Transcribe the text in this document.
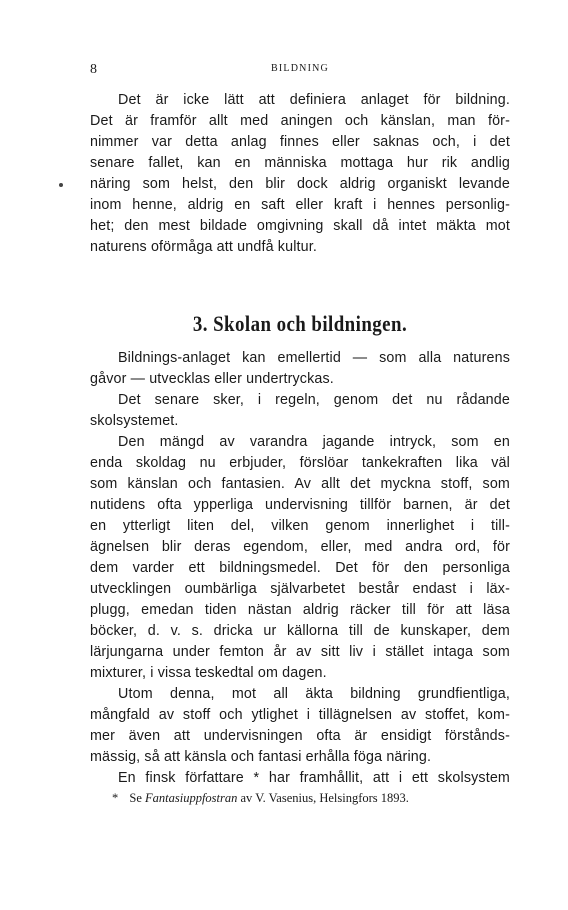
8	BILDNING
Det är icke lätt att definiera anlaget för bildning.
Det är framför allt med aningen och känslan, man för-
nimmer var detta anlag finnes eller saknas och, i det
senare fallet, kan en människa mottaga hur rik andlig
näring som helst, den blir dock aldrig organiskt levande
inom henne, aldrig en saft eller kraft i hennes personlig-
het; den mest bildade omgivning skall då intet mäkta mot
naturens oförmåga att undfå kultur.
3. Skolan och bildningen.
Bildnings-anlaget kan emellertid — som alla naturens
gåvor — utvecklas eller undertryckas.
Det senare sker, i regeln, genom det nu rådande
skolsystemet.
Den mängd av varandra jagande intryck, som en
enda skoldag nu erbjuder, förslöar tankekraften lika väl
som känslan och fantasien. Av allt det myckna stoff, som
nutidens ofta ypperliga undervisning tillför barnen, är det
en ytterligt liten del, vilken genom innerlighet i till-
ägnelsen blir deras egendom, eller, med andra ord, för
dem varder ett bildningsmedel. Det för den personliga
utvecklingen oumbärliga självarbetet består endast i läx-
plugg, emedan tiden nästan aldrig räcker till för att läsa
böcker, d. v. s. dricka ur källorna till de kunskaper, dem
lärjungarna under femton år av sitt liv i stället intaga som
mixturer, i vissa teskedtal om dagen.
Utom denna, mot all äkta bildning grundfientliga,
mångfald av stoff och ytlighet i tillägnelsen av stoffet, kom-
mer även att undervisningen ofta är ensidigt förstånds-
mässig, så att känsla och fantasi erhålla föga näring.
En finsk författare * har framhållit, att i ett skolsystem
* Se Fantasiuppfostran av V. Vasenius, Helsingfors 1893.
